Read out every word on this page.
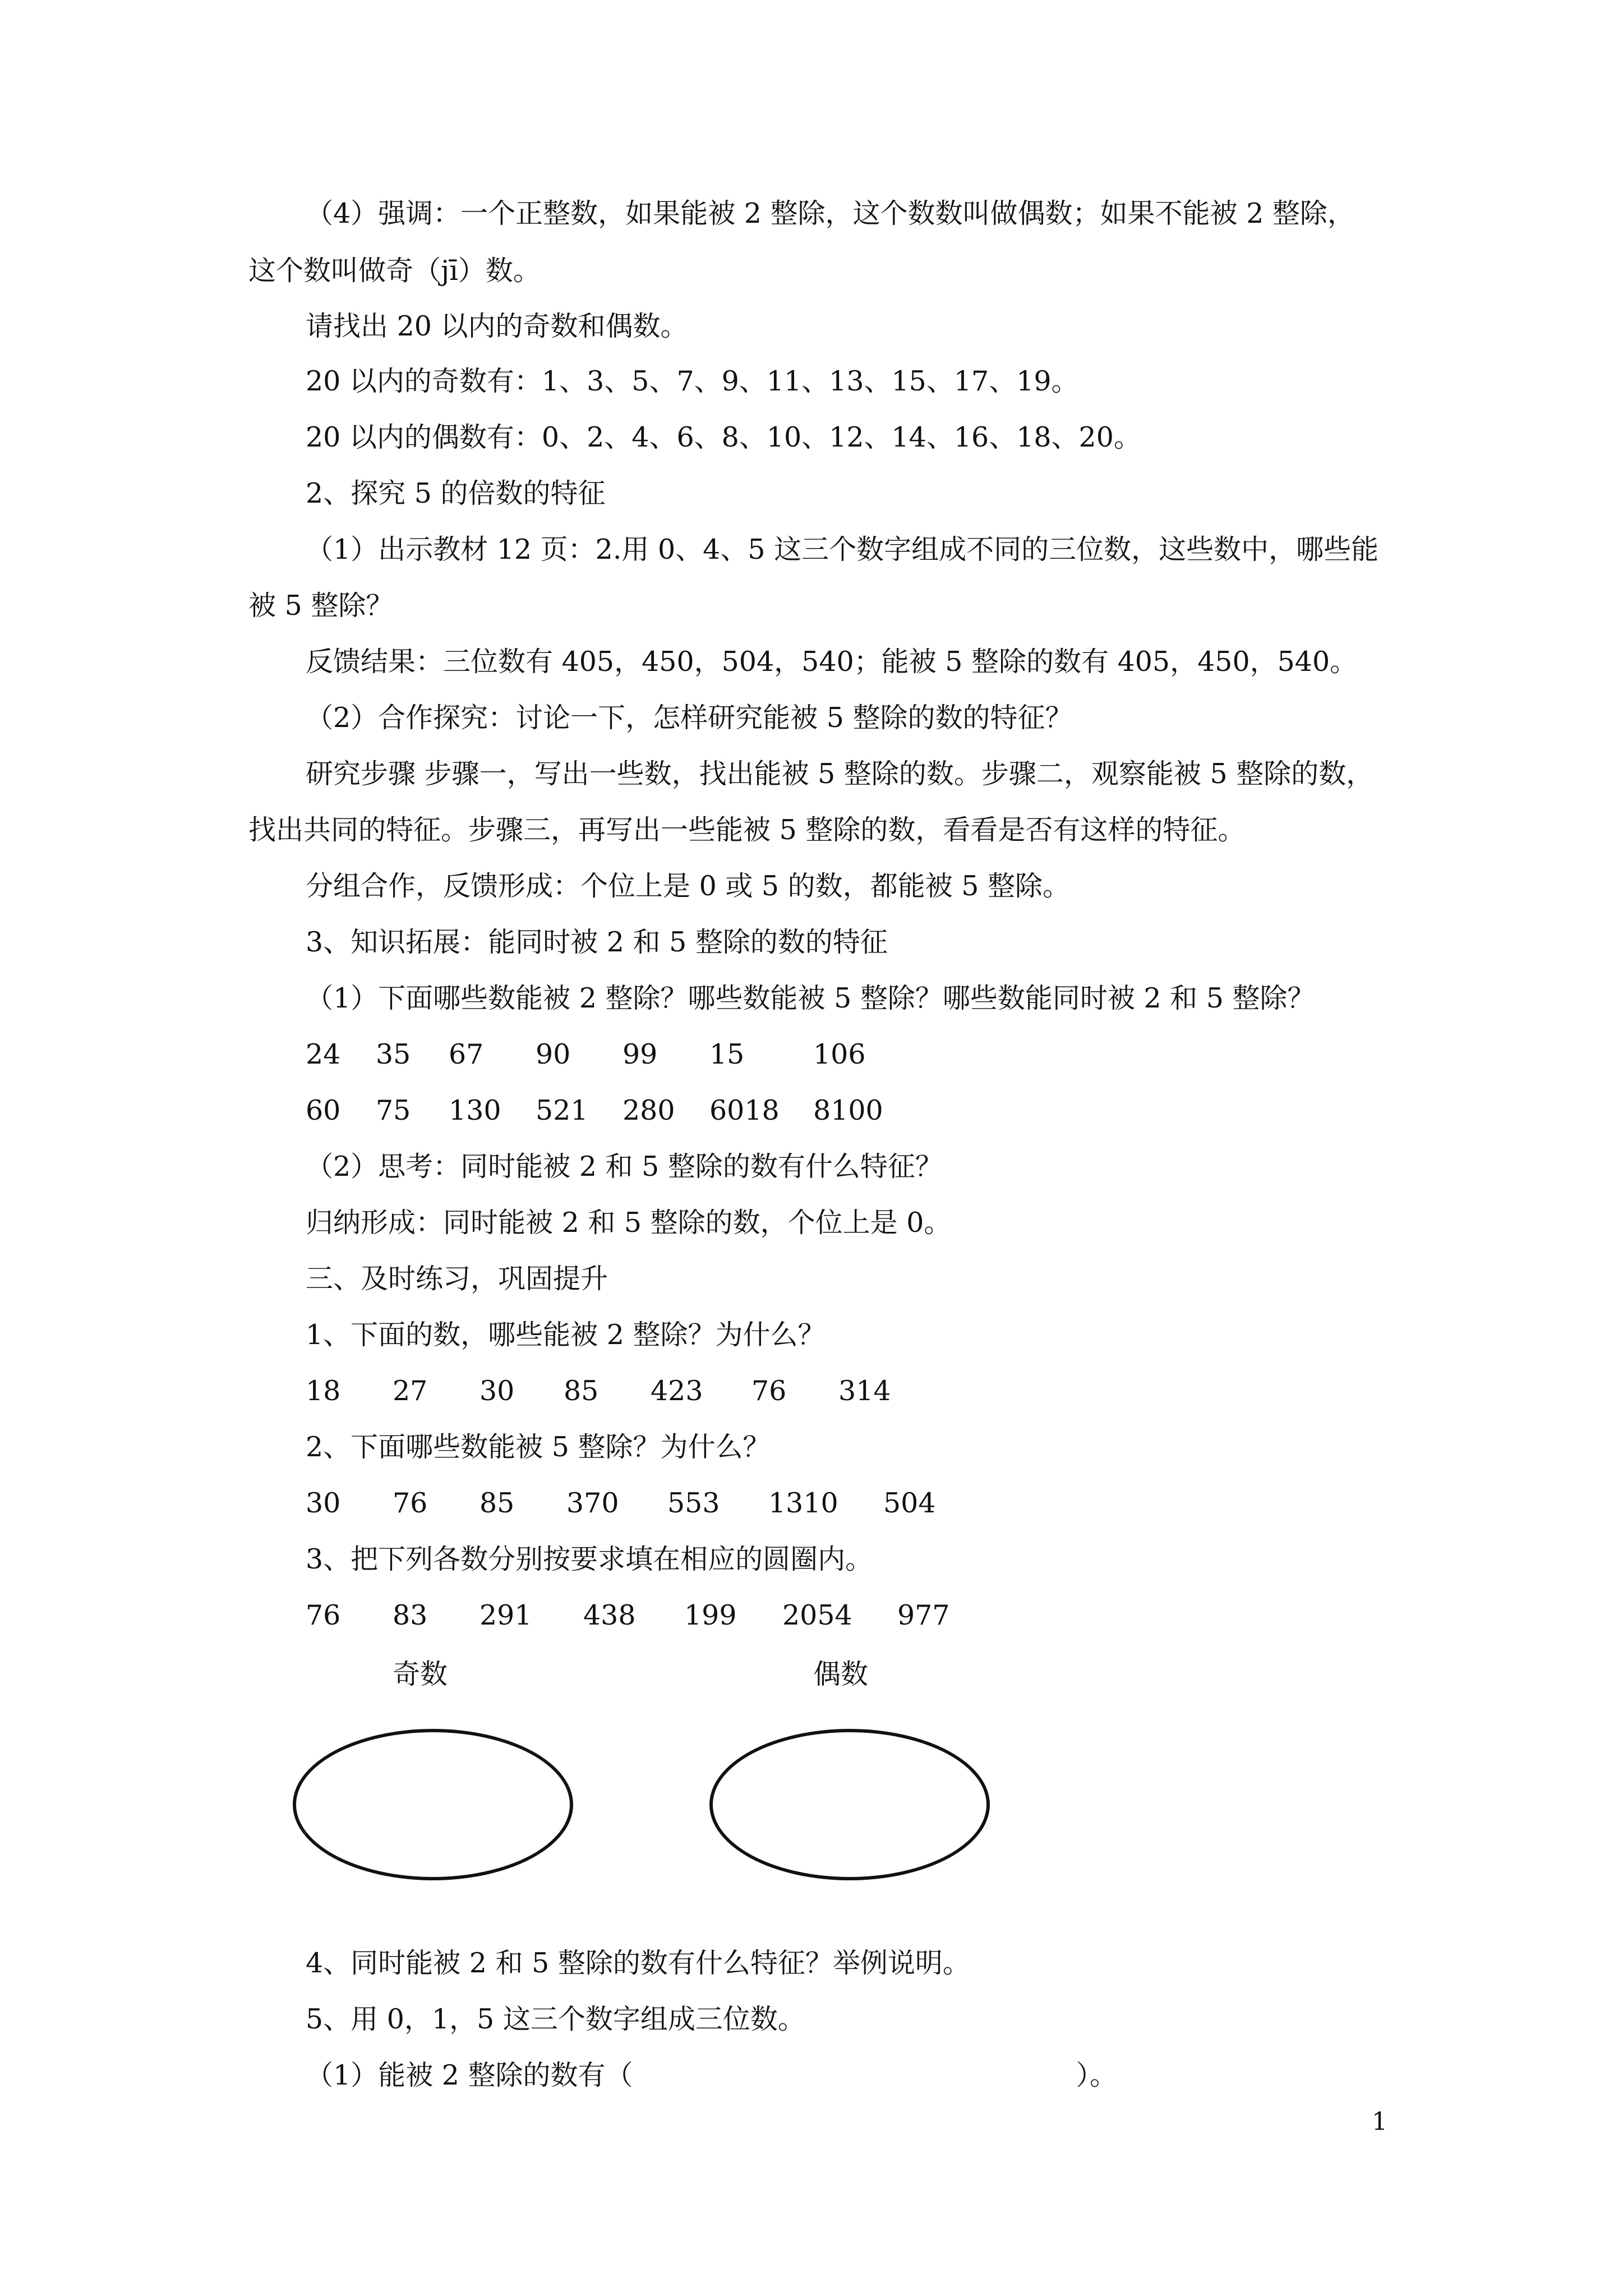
（4）强调：一个正整数，如果能被 2 整除，这个数数叫做偶数；如果不能被 2 整除，
这个数叫做奇（jī）数。
请找出 20 以内的奇数和偶数。
20 以内的奇数有：1、3、5、7、9、11、13、15、17、19。
20 以内的偶数有：0、2、4、6、8、10、12、14、16、18、20。
2、探究 5 的倍数的特征
（1）出示教材 12 页：2.用 0、4、5 这三个数字组成不同的三位数，这些数中，哪些能
被 5 整除？
反馈结果：三位数有 405，450，504，540；能被 5 整除的数有 405，450，540。
（2）合作探究：讨论一下，怎样研究能被 5 整除的数的特征？
研究步骤 步骤一，写出一些数，找出能被 5 整除的数。步骤二，观察能被 5 整除的数，
找出共同的特征。步骤三，再写出一些能被 5 整除的数，看看是否有这样的特征。
分组合作，反馈形成：个位上是 0 或 5 的数，都能被 5 整除。
3、知识拓展：能同时被 2 和 5 整除的数的特征
（1）下面哪些数能被 2 整除？哪些数能被 5 整除？哪些数能同时被 2 和 5 整除？
24 35 67 90 99 15	106
60 75 130 521 280 6018 8100
（2）思考：同时能被 2 和 5 整除的数有什么特征？
归纳形成：同时能被 2 和 5 整除的数，个位上是 0。
三、及时练习，巩固提升
1、下面的数，哪些能被 2 整除？为什么？
18 27 30 85 423 76 314
2、下面哪些数能被 5 整除？为什么？
30 76 85 370 553 1310 504
3、把下列各数分别按要求填在相应的圆圈内。
76 83 291 438 199 2054 977
奇数	偶数
4、同时能被 2 和 5 整除的数有什么特征？举例说明。
5、用 0，1，5 这三个数字组成三位数。
（1）能被 2 整除的数有（	）。
1
